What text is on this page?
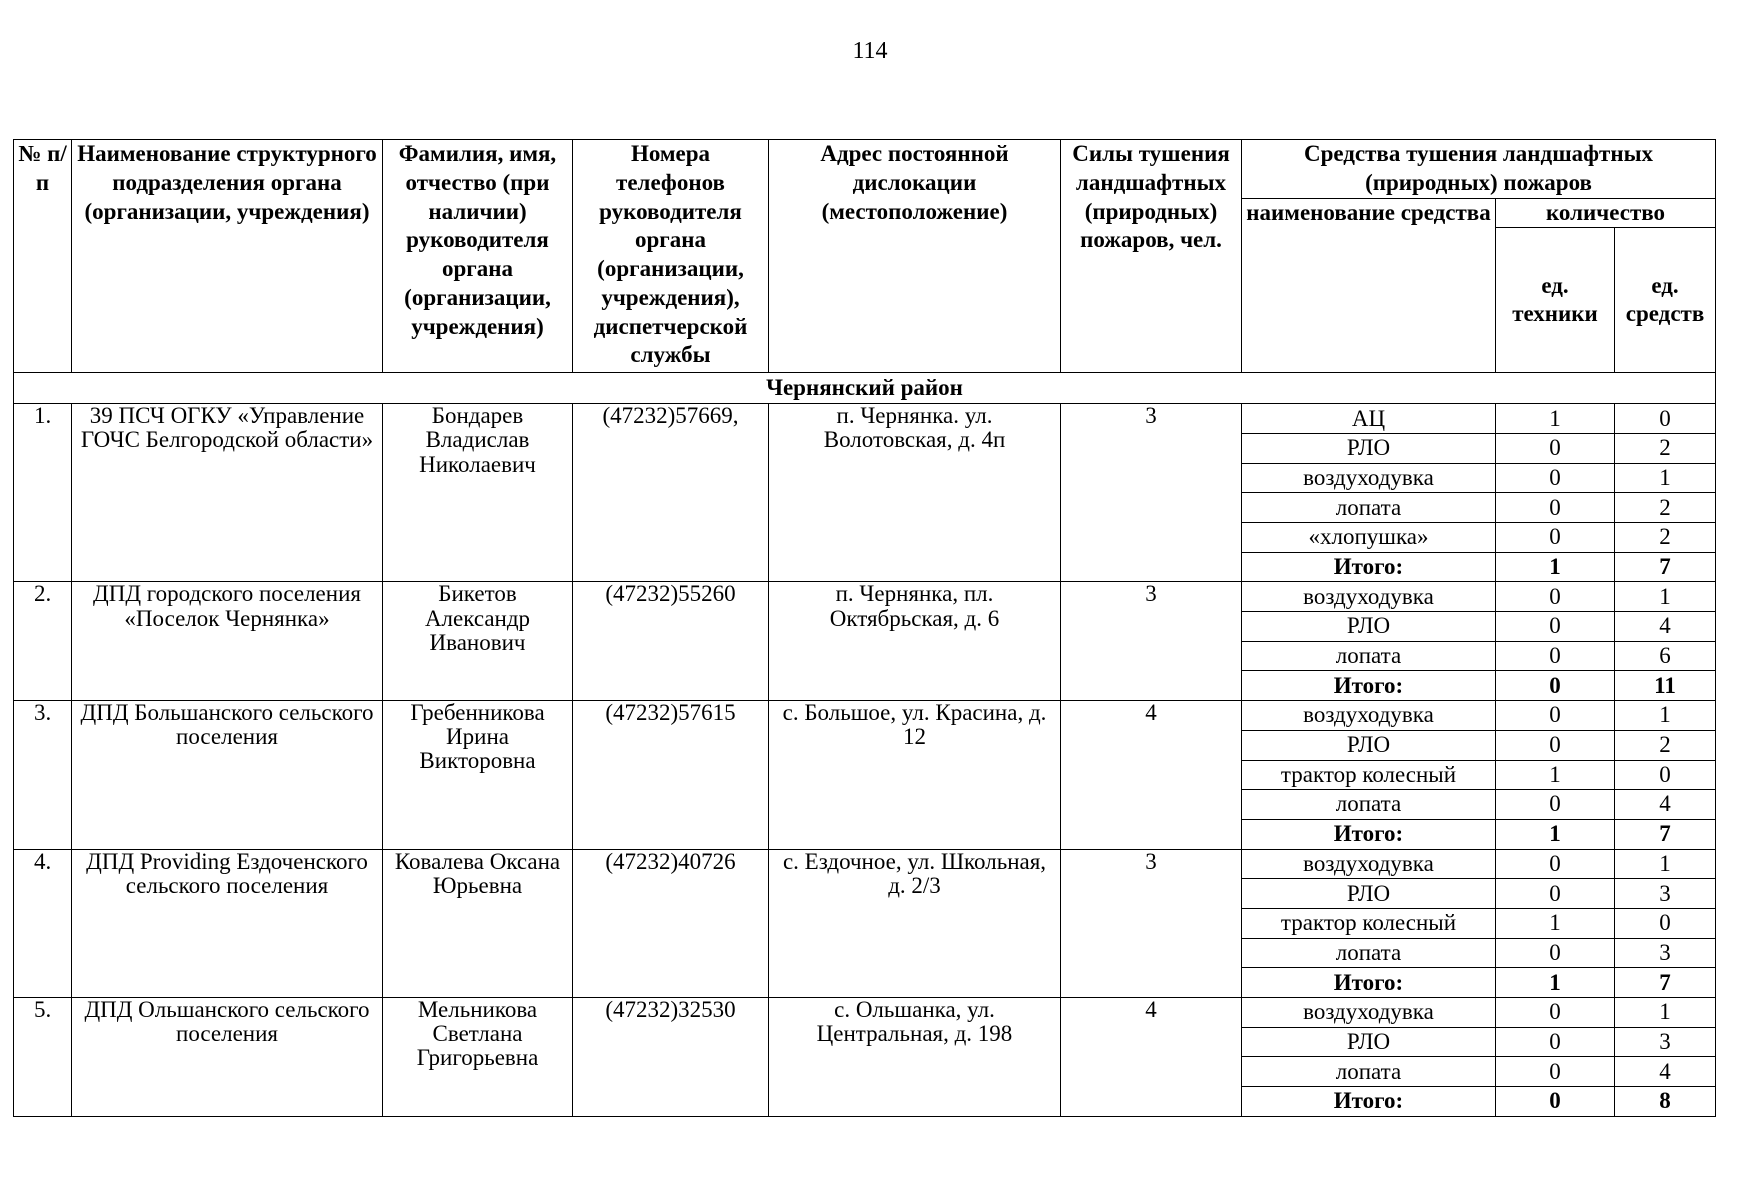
114
№ п/п	Наименование структурного подразделения органа (организации, учреждения)	Фамилия, имя, отчество (при наличии) руководителя органа (организации, учреждения)	Номера телефонов руководителя органа (организации, учреждения), диспетчерской службы	Адрес постоянной дислокации (местоположение)	Силы тушения ландшафтных (природных) пожаров, чел.	Средства тушения ландшафтных (природных) пожаров		
						наименование средства	количество	
							ед. техники	ед. средств
Чернянский район								
1.	39 ПСЧ ОГКУ «Управление ГОЧС Белгородской области»	Бондарев Владислав Николаевич	(47232)57669,	п. Чернянка. ул. Волотовская, д. 4п	3	АЦ	1	0
						РЛО	0	2
						воздуходувка	0	1
						лопата	0	2
						«хлопушка»	0	2
						Итого:	1	7
2.	ДПД городского поселения «Поселок Чернянка»	Бикетов Александр Иванович	(47232)55260	п. Чернянка, пл. Октябрьская, д. 6	3	воздуходувка	0	1
						РЛО	0	4
						лопата	0	6
						Итого:	0	11
3.	ДПД Большанского сельского поселения	Гребенникова Ирина Викторовна	(47232)57615	с. Большое, ул. Красина, д. 12	4	воздуходувка	0	1
						РЛО	0	2
						трактор колесный	1	0
						лопата	0	4
						Итого:	1	7
4.	ДПД Providing Ездоченского сельского поселения	Ковалева Оксана Юрьевна	(47232)40726	с. Ездочное, ул. Школьная, д. 2/3	3	воздуходувка	0	1
						РЛО	0	3
						трактор колесный	1	0
						лопата	0	3
						Итого:	1	7
5.	ДПД Ольшанского сельского поселения	Мельникова Светлана Григорьевна	(47232)32530	с. Ольшанка, ул. Центральная, д. 198	4	воздуходувка	0	1
						РЛО	0	3
						лопата	0	4
						Итого:	0	8
